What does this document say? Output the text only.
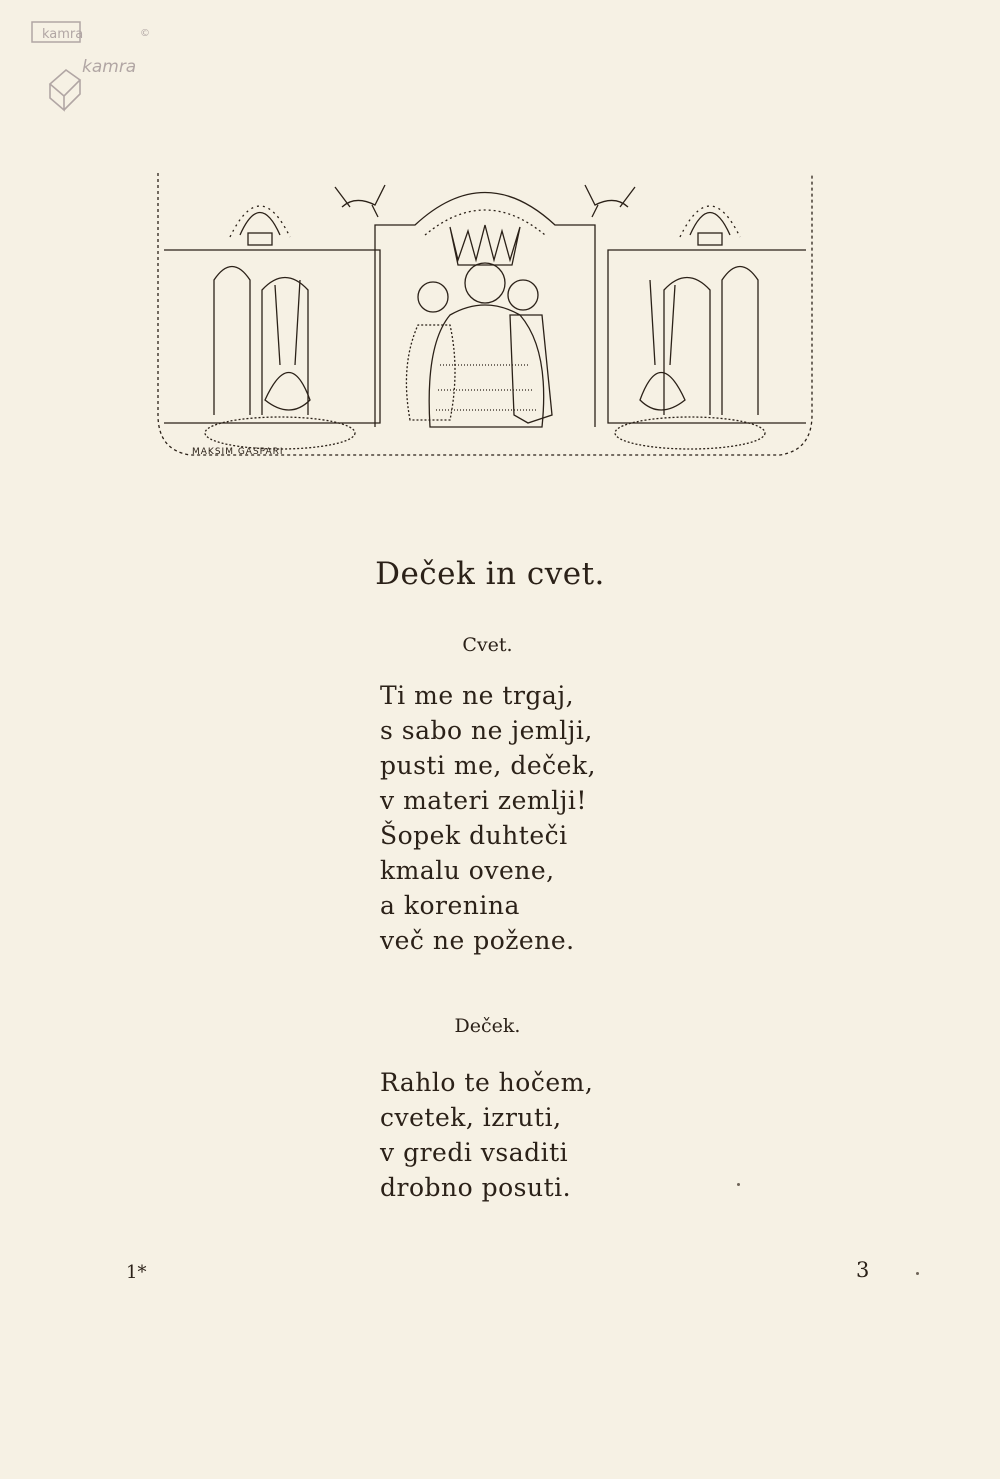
kamra
kamra
©
MAKSIM GASPARI
Deček in cvet.
Cvet.
Ti me ne trgaj,
s sabo ne jemlji,
pusti me, deček,
v materi zemlji!
Šopek duhteči
kmalu ovene,
a korenina
več ne požene.
Deček.
Rahlo te hočem,
cvetek, izruti,
v gredi vsaditi
drobno posuti.
1*	3
